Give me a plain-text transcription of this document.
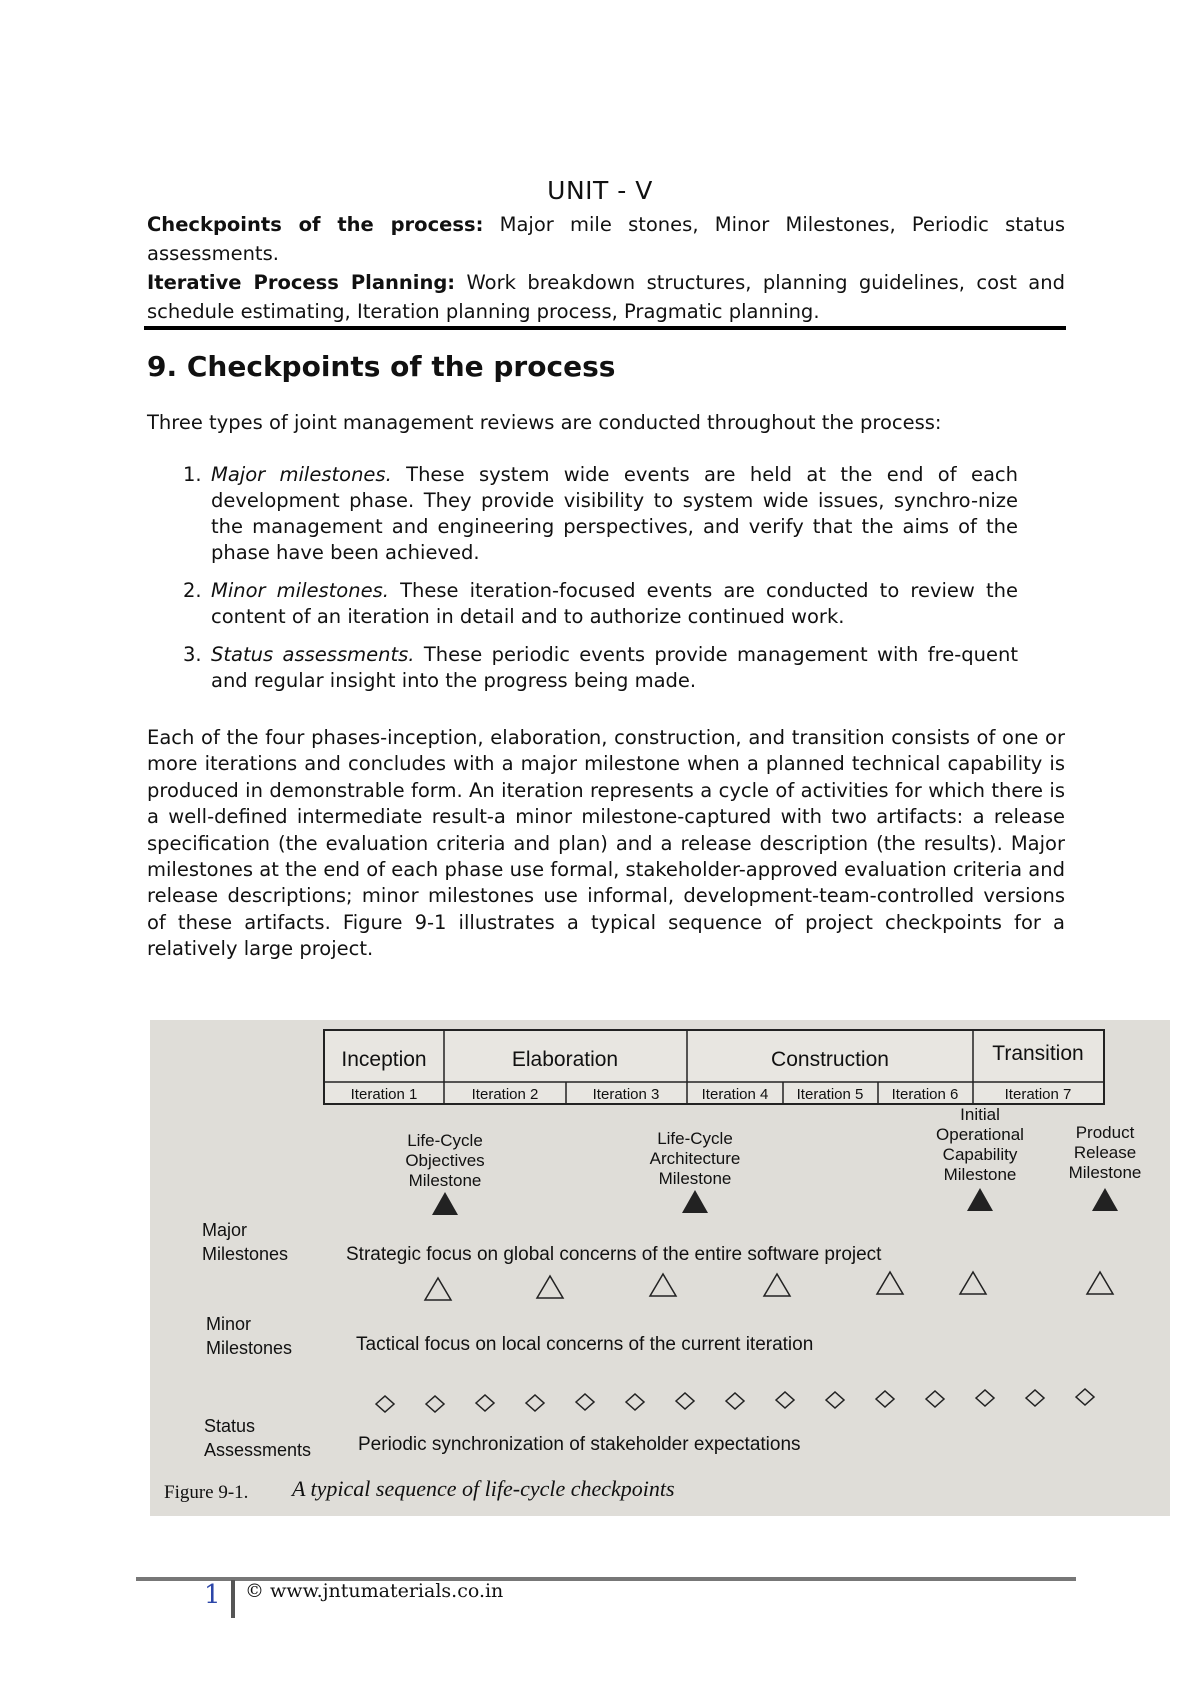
UNIT - V
Checkpoints of the process: Major mile stones, Minor Milestones, Periodic status assessments.
Iterative Process Planning: Work breakdown structures, planning guidelines, cost and schedule estimating, Iteration planning process, Pragmatic planning.
9. Checkpoints of the process
Three types of joint management reviews are conducted throughout the process:
1. Major milestones. These system wide events are held at the end of each development phase. They provide visibility to system wide issues, synchro-nize the management and engineering perspectives, and verify that the aims of the phase have been achieved.
2. Minor milestones. These iteration-focused events are conducted to review the content of an iteration in detail and to authorize continued work.
3. Status assessments. These periodic events provide management with fre-quent and regular insight into the progress being made.
Each of the four phases-inception, elaboration, construction, and transition consists of one or more iterations and concludes with a major milestone when a planned technical capability is produced in demonstrable form. An iteration represents a cycle of activities for which there is a well-defined intermediate result-a minor milestone-captured with two artifacts: a release specification (the evaluation criteria and plan) and a release description (the results). Major milestones at the end of each phase use formal, stakeholder-approved evaluation criteria and release descriptions; minor milestones use informal, development-team-controlled versions of these artifacts. Figure 9-1 illustrates a typical sequence of project checkpoints for a relatively large project.
Inception	Elaboration	Construction	Transition
Iteration 1	Iteration 2	Iteration 3	Iteration 4 Iteration 5 Iteration 6	Iteration 7
Life-Cycle
Objectives
Milestone
Life-Cycle
Architecture
Milestone
Initial
Operational
Capability
Milestone
Product
Release
Milestone
Major
Milestones	Strategic focus on global concerns of the entire software project
Minor
Milestones	Tactical focus on local concerns of the current iteration
Status
Assessments Periodic synchronization of stakeholder expectations
Figure 9-1. A typical sequence of life-cycle checkpoints
1 © www.jntumaterials.co.in
